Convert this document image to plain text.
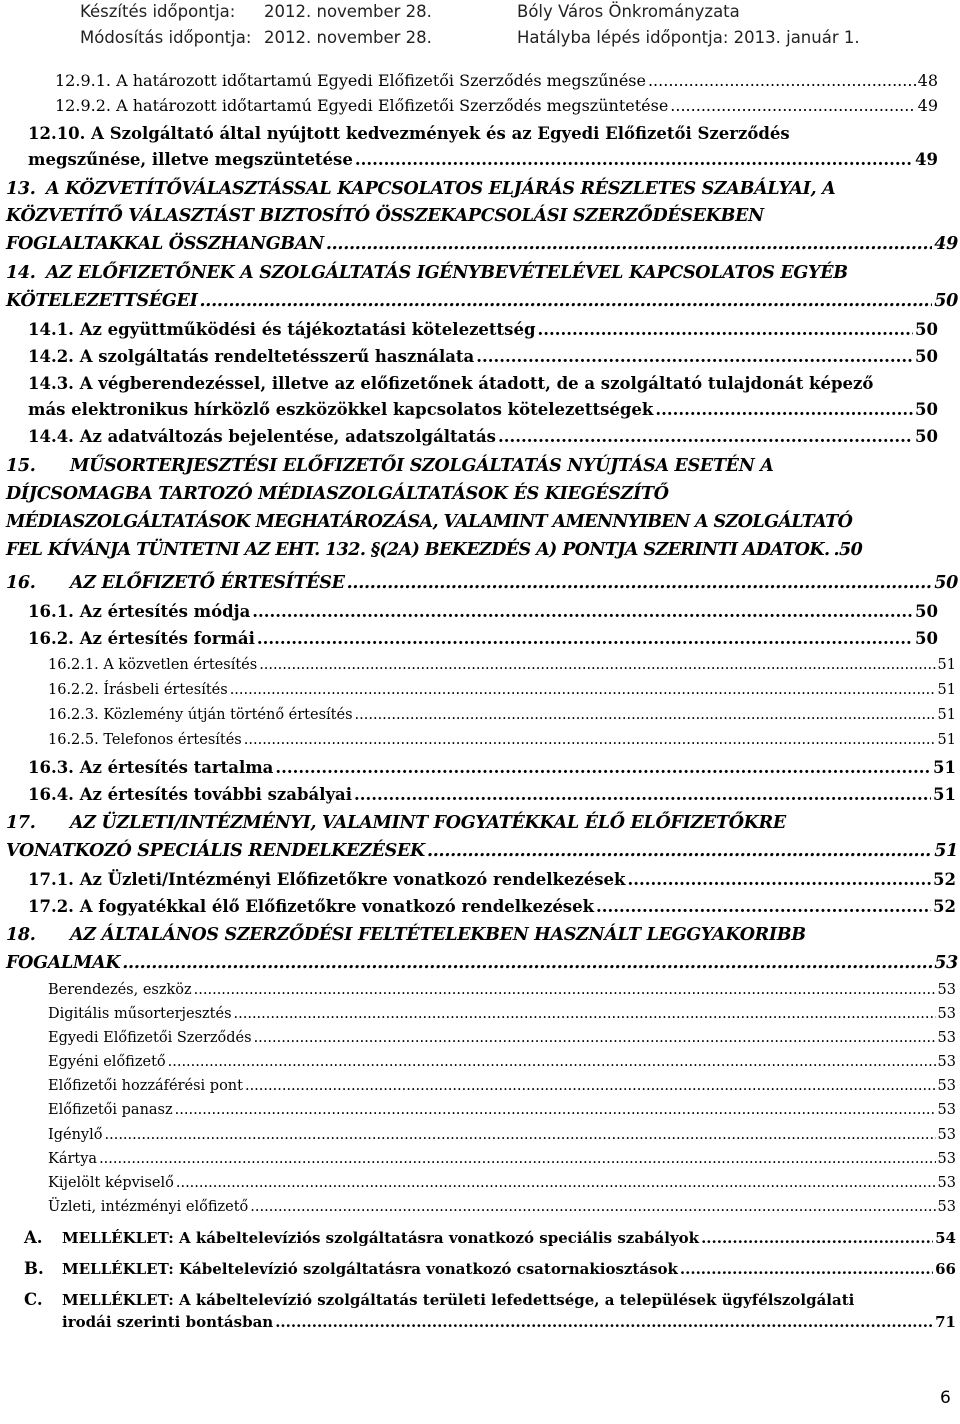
Készítés időpontja: 2012. november 28.	Bóly Város Önkrományzata
Módosítás időpontja: 2012. november 28.	Hatályba lépés időpontja: 2013. január 1.
12.9.1.
A határozott időtartamú Egyedi Előfizetői Szerződés megszűnése .....	48
12.9.2.
A határozott időtartamú Egyedi Előfizetői Szerződés megszüntetése .....	49
12.10. A Szolgáltató által nyújtott kedvezmények és az Egyedi Előfizetői Szerződés
megszűnése, illetve megszüntetése .....	49
13. A KÖZVETÍTŐVÁLASZTÁSSAL KAPCSOLATOS ELJÁRÁS RÉSZLETES SZABÁLYAI, A
KÖZVETÍTŐ VÁLASZTÁST BIZTOSÍTÓ ÖSSZEKAPCSOLÁSI SZERZŐDÉSEKBEN
FOGLALTAKKAL ÖSSZHANGBAN .....	49
14. AZ ELŐFIZETŐNEK A SZOLGÁLTATÁS IGÉNYBEVÉTELÉVEL KAPCSOLATOS EGYÉB
KÖTELEZETTSÉGEI .....	50
14.1.
Az együttműködési és tájékoztatási kötelezettség .....	50
14.2.
A szolgáltatás rendeltetésszerű használata .....	50
14.3. A végberendezéssel, illetve az előfizetőnek átadott, de a szolgáltató tulajdonát képező
más elektronikus hírközlő eszközökkel kapcsolatos kötelezettségek .....	50
14.4.
Az adatváltozás bejelentése, adatszolgáltatás .....	50
15. MŰSORTERJESZTÉSI ELŐFIZETŐI SZOLGÁLTATÁS NYÚJTÁSA ESETÉN A
DÍJCSOMAGBA TARTOZÓ MÉDIASZOLGÁLTATÁSOK ÉS KIEGÉSZÍTŐ
MÉDIASZOLGÁLTATÁSOK MEGHATÁROZÁSA, VALAMINT AMENNYIBEN A SZOLGÁLTATÓ
FEL KÍVÁNJA TÜNTETNI AZ EHT. 132. §(2A) BEKEZDÉS A) PONTJA SZERINTI ADATOK. .50
16.	AZ ELŐFIZETŐ ÉRTESÍTÉSE .....	50
16.1.
Az értesítés módja .....	50
16.2.
Az értesítés formái .....	50
16.2.1.
A közvetlen értesítés .....	51
16.2.2.
Írásbeli értesítés .....	51
16.2.3.
Közlemény útján történő értesítés .....	51
16.2.5.
Telefonos értesítés .....	51
16.3.
Az értesítés tartalma .....	51
16.4.
Az értesítés további szabályai .....	51
17. AZ ÜZLETI/INTÉZMÉNYI, VALAMINT FOGYATÉKKAL ÉLŐ ELŐFIZETŐKRE
VONATKOZÓ SPECIÁLIS RENDELKEZÉSEK .....	51
17.1.
Az Üzleti/Intézményi Előfizetőkre vonatkozó rendelkezések .....	52
17.2.
A fogyatékkal élő Előfizetőkre vonatkozó rendelkezések .....	52
18. AZ ÁLTALÁNOS SZERZŐDÉSI FELTÉTELEKBEN HASZNÁLT LEGGYAKORIBB
FOGALMAK .....	53
Berendezés, eszköz .....	53
Digitális műsorterjesztés .....	53
Egyedi Előfizetői Szerződés .....	53
Egyéni előfizető .....	53
Előfizetői hozzáférési pont .....	53
Előfizetői panasz .....	53
Igénylő .....	53
Kártya .....	53
Kijelölt képviselő .....	53
Üzleti, intézményi előfizető .....	53
A.	MELLÉKLET: A kábeltelevíziós szolgáltatásra vonatkozó speciális szabályok .....	54
B.	MELLÉKLET: Kábeltelevízió szolgáltatásra vonatkozó csatornakiosztások .....	66
C. MELLÉKLET: A kábeltelevízió szolgáltatás területi lefedettsége, a települések ügyfélszolgálati
irodái szerinti bontásban .....	71
6
